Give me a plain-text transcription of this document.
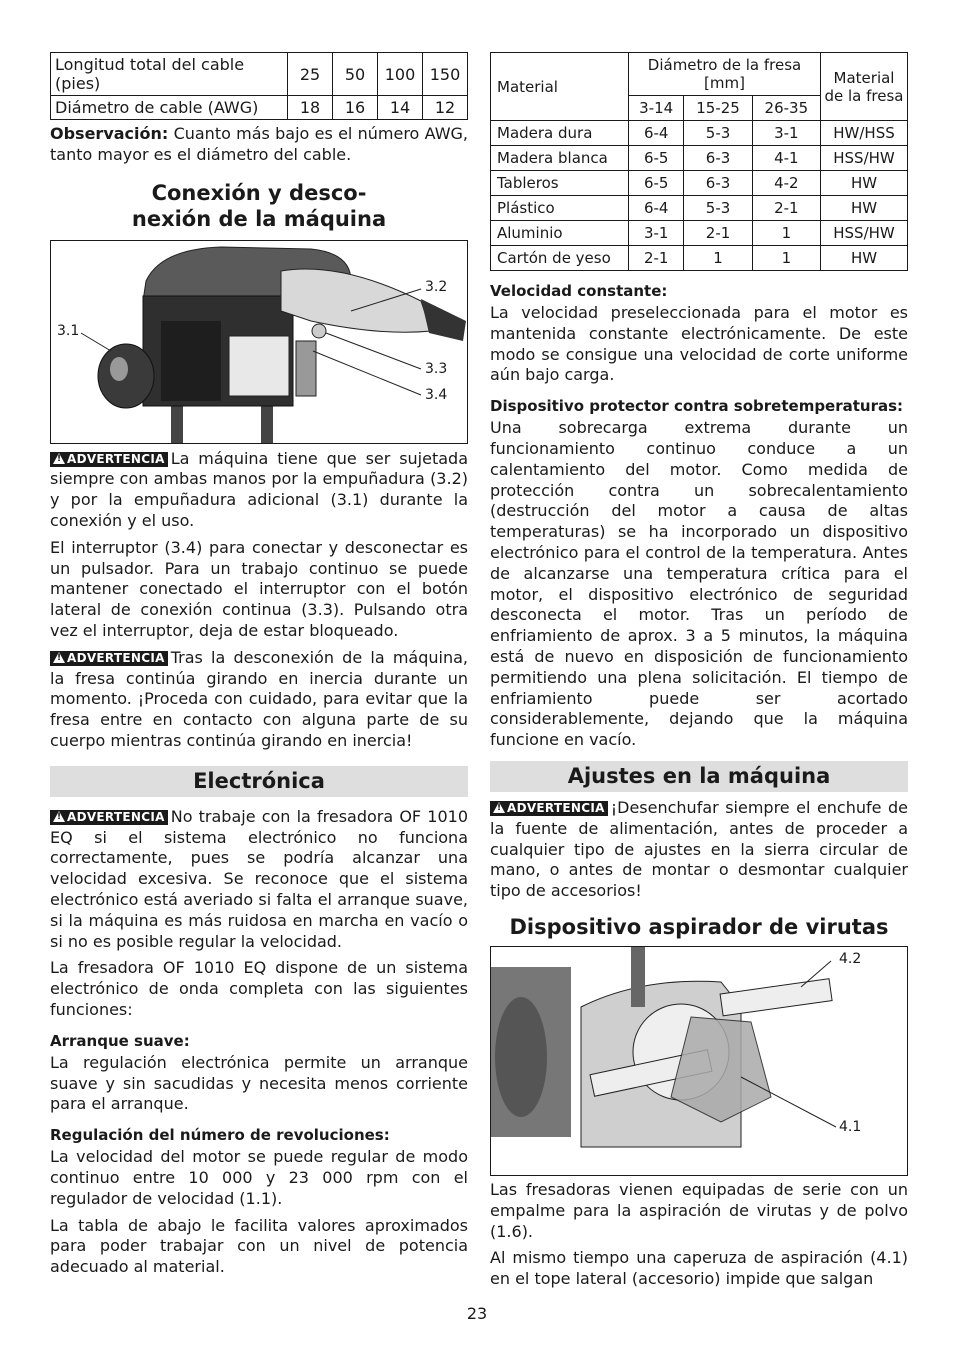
Longitud total del cable (pies)	25	50	100	150
Diámetro de cable (AWG)	18	16	14	12

Observación: Cuanto más bajo es el número AWG, tanto mayor es el diámetro del cable.

Conexión y desco-
nexión de la máquina
3.1
3.2
3.3
3.4

! ADVERTENCIA La máquina tiene que ser sujetada siempre con ambas manos por la empuñadura (3.2) y por la empuñadura adicional (3.1) durante la conexión y el uso.

El interruptor (3.4) para conectar y desconectar es un pulsador. Para un trabajo continuo se puede mantener conectado el interruptor con el botón lateral de conexión continua (3.3). Pulsando otra vez el interruptor, deja de estar bloqueado.

! ADVERTENCIA Tras la desconexión de la máquina, la fresa continúa girando en inercia durante un momento. ¡Proceda con cuidado, para evitar que la fresa entre en contacto con alguna parte de su cuerpo mientras continúa girando en inercia!

Electrónica

! ADVERTENCIA No trabaje con la fresadora OF 1010 EQ si el sistema electrónico no funciona correctamente, pues se podría alcanzar una velocidad excesiva. Se reconoce que el sistema electrónico está averiado si falta el arranque suave, si la máquina es más ruidosa en marcha en vacío o si no es posible regular la velocidad.

La fresadora OF 1010 EQ dispone de un sistema electrónico de onda completa con las siguientes funciones:

Arranque suave:

La regulación electrónica permite un arranque suave y sin sacudidas y necesita menos corriente para el arranque.

Regulación del número de revoluciones:

La velocidad del motor se puede regular de modo continuo entre 10 000 y 23 000 rpm con el regulador de velocidad (1.1).

La tabla de abajo le facilita valores aproximados para poder trabajar con un nivel de potencia adecuado al material.

Material	Diámetro de la fresa
[mm]			Material de la fresa
	3-14	15-25	26-35	
Madera dura	6-4	5-3	3-1	HW/HSS
Madera blanca	6-5	6-3	4-1	HSS/HW
Tableros	6-5	6-3	4-2	HW
Plástico	6-4	5-3	2-1	HW
Aluminio	3-1	2-1	1	HSS/HW
Cartón de yeso	2-1	1	1	HW
Velocidad constante:

La velocidad preseleccionada para el motor es mantenida constante electrónicamente. De este modo se consigue una velocidad de corte uniforme aún bajo carga.

Dispositivo protector contra sobretemperaturas:

Una sobrecarga extrema durante un funcionamiento continuo conduce a un calentamiento del motor. Como medida de protección contra un sobrecalentamiento (destrucción del motor a causa de altas temperaturas) se ha incorporado un dispositivo electrónico para el control de la temperatura. Antes de alcanzarse una temperatura crítica para el motor, el dispositivo electrónico de seguridad desconecta el motor. Tras un período de enfriamiento de aprox. 3 a 5 minutos, la máquina está de nuevo en disposición de funcionamiento permitiendo una plena solicitación. El tiempo de enfriamiento puede ser acortado considerablemente, dejando que la máquina funcione en vacío.

Ajustes en la máquina

! ADVERTENCIA ¡Desenchufar siempre el enchufe de la fuente de alimentación, antes de proceder a cualquier tipo de ajustes en la sierra circular de mano, o antes de montar o desmontar cualquier tipo de accesorios!

Dispositivo aspirador de virutas
4.2
4.1

Las fresadoras vienen equipadas de serie con un empalme para la aspiración de virutas y de polvo (1.6).

Al mismo tiempo una caperuza de aspiración (4.1) en el tope lateral (accesorio) impide que salgan

23
